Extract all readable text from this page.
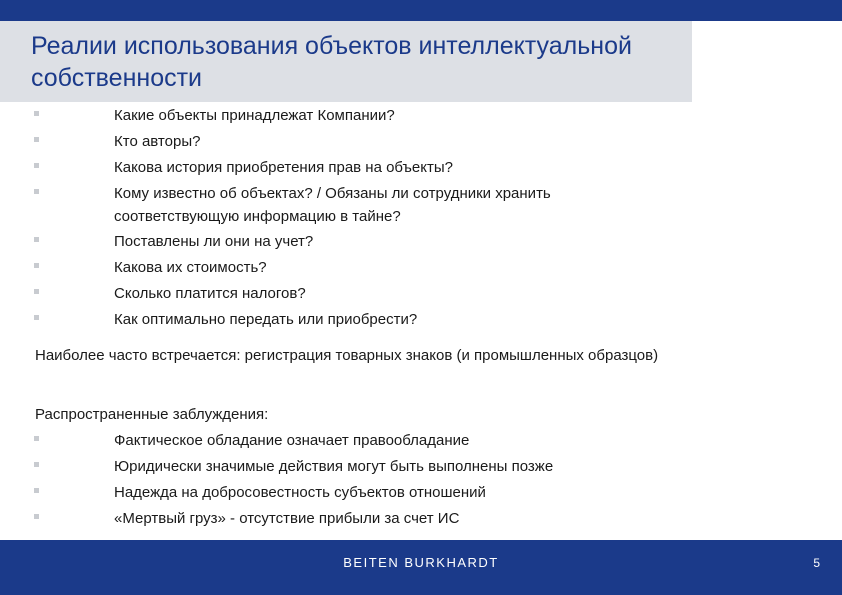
Реалии использования объектов интеллектуальной собственности
Какие объекты принадлежат Компании?
Кто авторы?
Какова история приобретения прав на объекты?
Кому известно об объектах? / Обязаны ли сотрудники хранить соответствующую информацию в тайне?
Поставлены ли они на учет?
Какова их стоимость?
Сколько платится налогов?
Как оптимально передать или приобрести?

Наиболее часто встречается: регистрация товарных знаков (и промышленных образцов)

Распространенные заблуждения:

Фактическое обладание означает правообладание
Юридически значимые действия могут быть выполнены позже
Надежда на добросовестность субъектов отношений
«Мертвый груз» - отсутствие прибыли за счет ИС
BEITEN BURKHARDT	5
